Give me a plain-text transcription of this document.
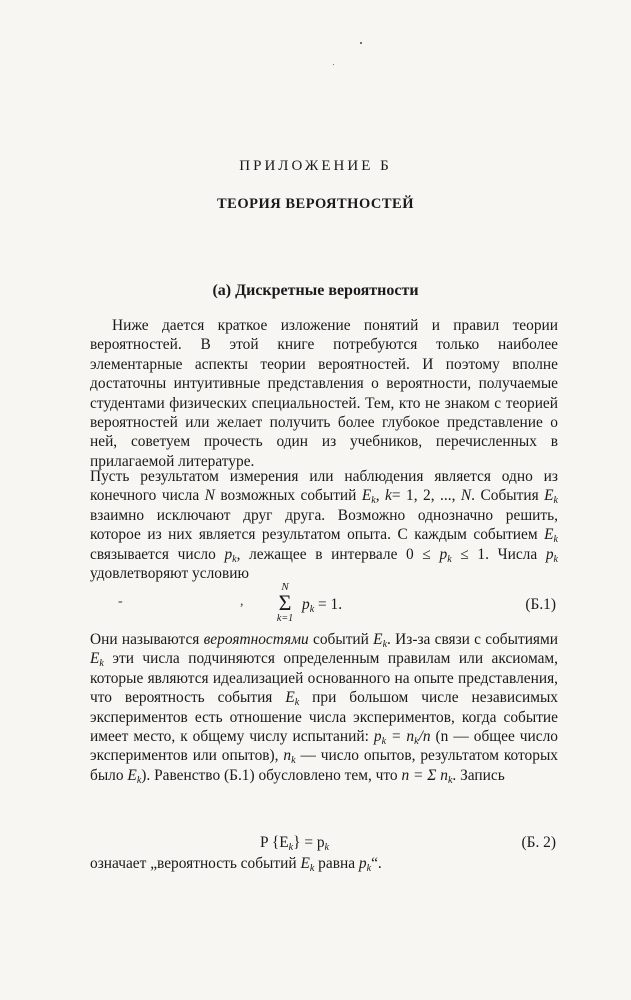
ПРИЛОЖЕНИЕ Б
ТЕОРИЯ ВЕРОЯТНОСТЕЙ
(а) Дискретные вероятности

Ниже дается краткое изложение понятий и правил теории вероятностей. В этой книге потребуются только наиболее элементарные аспекты теории вероятностей. И поэтому вполне достаточны интуитивные представления о вероятности, получаемые студентами физических специальностей. Тем, кто не знаком с теорией вероятностей или желает получить более глубокое представление о ней, советуем прочесть один из учебников, перечисленных в прилагаемой литературе.

Пусть результатом измерения или наблюдения является одно из конечного числа N возможных событий $E_k$, k= 1, 2, ..., N. События $E_k$ взаимно исключают друг друга. Возможно однозначно решить, которое из них является результатом опыта. С каждым событием $E_k$ связывается число $p_k$, лежащее в интервале $0 \le p_k \le 1$. Числа $p_k$ удовлетворяют условию

-	,
N
Σ
k=1
$p_k = 1$.	(Б.1)

Они называются вероятностями событий $E_k$. Из-за связи с событиями $E_k$ эти числа подчиняются определенным правилам или аксиомам, которые являются идеализацией основанного на опыте представления, что вероятность события $E_k$ при большом числе независимых экспериментов есть отношение числа экспериментов, когда событие имеет место, к общему числу испытаний: $p_k = n_k/n$ (n — общее число экспериментов или опытов), $n_k$ — число опытов, результатом которых было $E_k$). Равенство (Б.1) обусловлено тем, что n = Σ $n_k$. Запись

P $\{E_k\} = p_k$	(Б. 2)

означает „вероятность событий $E_k$ равна $p_k“$.
